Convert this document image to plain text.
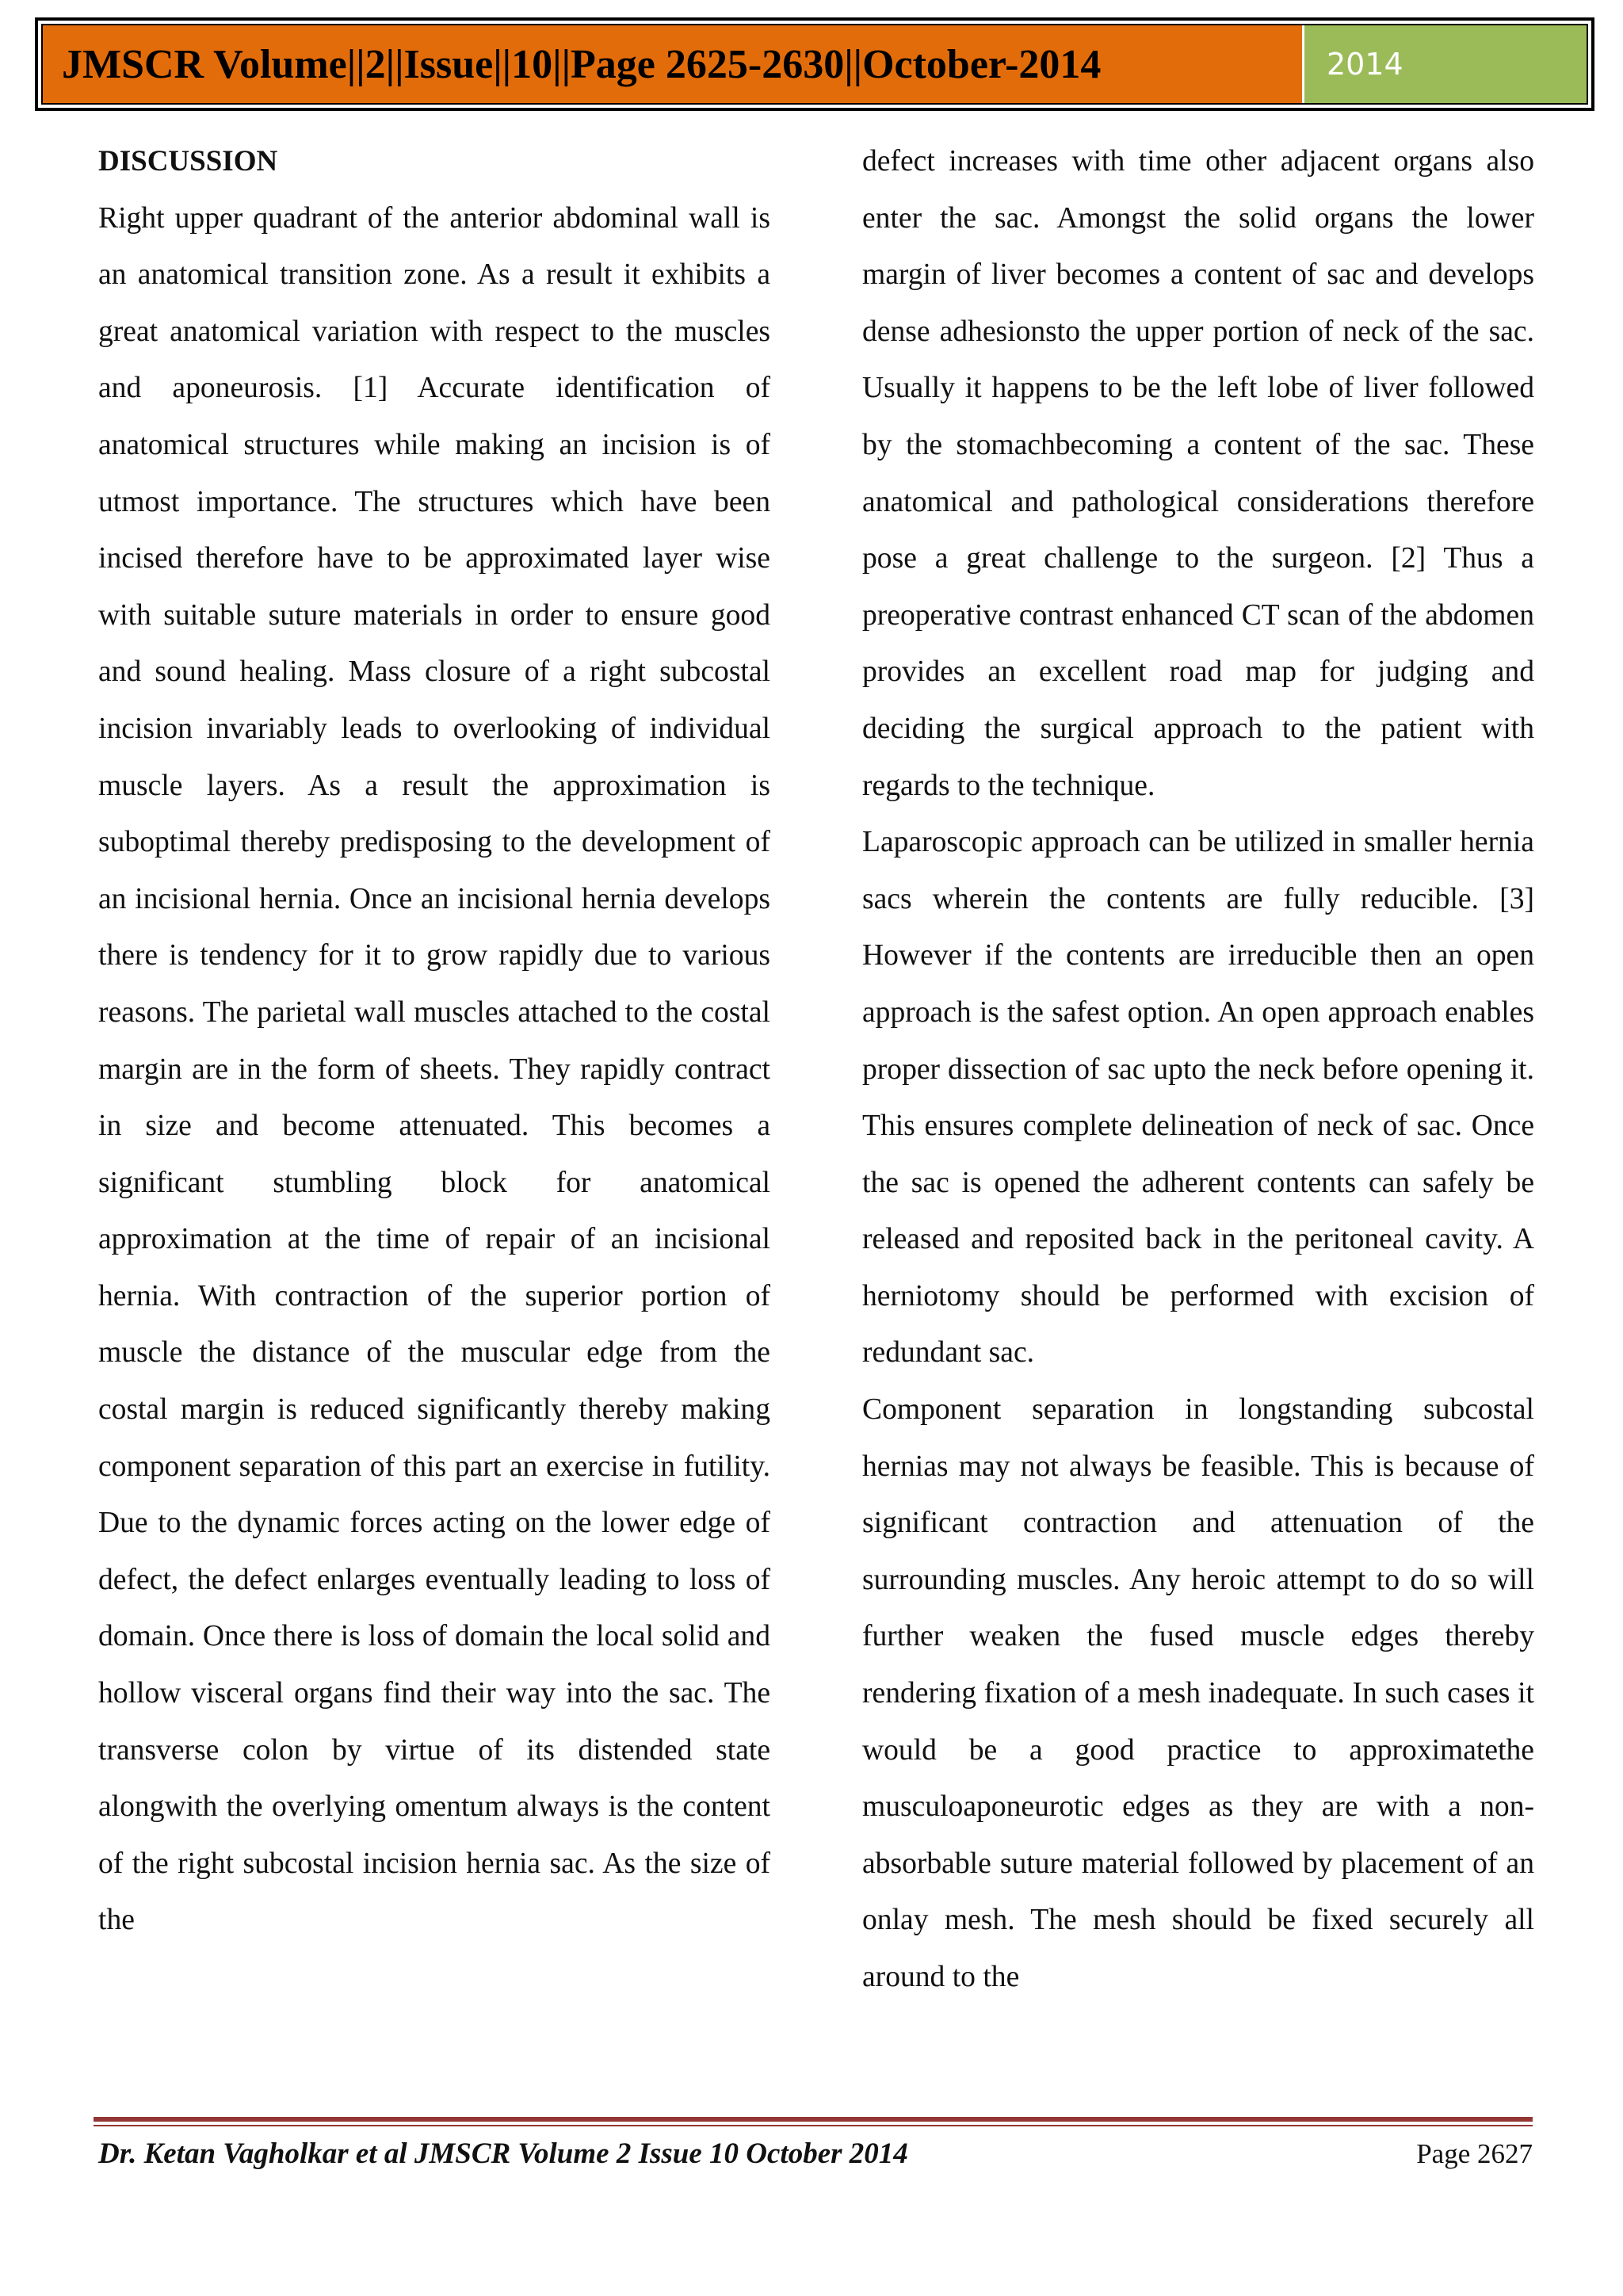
JMSCR Volume||2||Issue||10||Page 2625-2630||October-2014	2014

DISCUSSION

Right upper quadrant of the anterior abdominal wall is an anatomical transition zone. As a result it exhibits a great anatomical variation with respect to the muscles and aponeurosis. [1] Accurate identification of anatomical structures while making an incision is of utmost importance. The structures which have been incised therefore have to be approximated layer wise with suitable suture materials in order to ensure good and sound healing. Mass closure of a right subcostal incision invariably leads to overlooking of individual muscle layers. As a result the approximation is suboptimal thereby predisposing to the development of an incisional hernia. Once an incisional hernia develops there is tendency for it to grow rapidly due to various reasons. The parietal wall muscles attached to the costal margin are in the form of sheets. They rapidly contract in size and become attenuated. This becomes a significant stumbling block for anatomical approximation at the time of repair of an incisional hernia. With contraction of the superior portion of muscle the distance of the muscular edge from the costal margin is reduced significantly thereby making component separation of this part an exercise in futility. Due to the dynamic forces acting on the lower edge of defect, the defect enlarges eventually leading to loss of domain. Once there is loss of domain the local solid and hollow visceral organs find their way into the sac. The transverse colon by virtue of its distended state alongwith the overlying omentum always is the content of the right subcostal incision hernia sac. As the size of the

defect increases with time other adjacent organs also enter the sac. Amongst the solid organs the lower margin of liver becomes a content of sac and develops dense adhesionsto the upper portion of neck of the sac. Usually it happens to be the left lobe of liver followed by the stomachbecoming a content of the sac. These anatomical and pathological considerations therefore pose a great challenge to the surgeon. [2] Thus a preoperative contrast enhanced CT scan of the abdomen provides an excellent road map for judging and deciding the surgical approach to the patient with regards to the technique.

Laparoscopic approach can be utilized in smaller hernia sacs wherein the contents are fully reducible. [3] However if the contents are irreducible then an open approach is the safest option. An open approach enables proper dissection of sac upto the neck before opening it. This ensures complete delineation of neck of sac. Once the sac is opened the adherent contents can safely be released and reposited back in the peritoneal cavity. A herniotomy should be performed with excision of redundant sac.

Component separation in longstanding subcostal hernias may not always be feasible. This is because of significant contraction and attenuation of the surrounding muscles. Any heroic attempt to do so will further weaken the fused muscle edges thereby rendering fixation of a mesh inadequate. In such cases it would be a good practice to approximatethe musculoaponeurotic edges as they are with a non-absorbable suture material followed by placement of an onlay mesh. The mesh should be fixed securely all around to the

Dr. Ketan Vagholkar et al JMSCR Volume 2 Issue 10 October 2014	Page 2627
